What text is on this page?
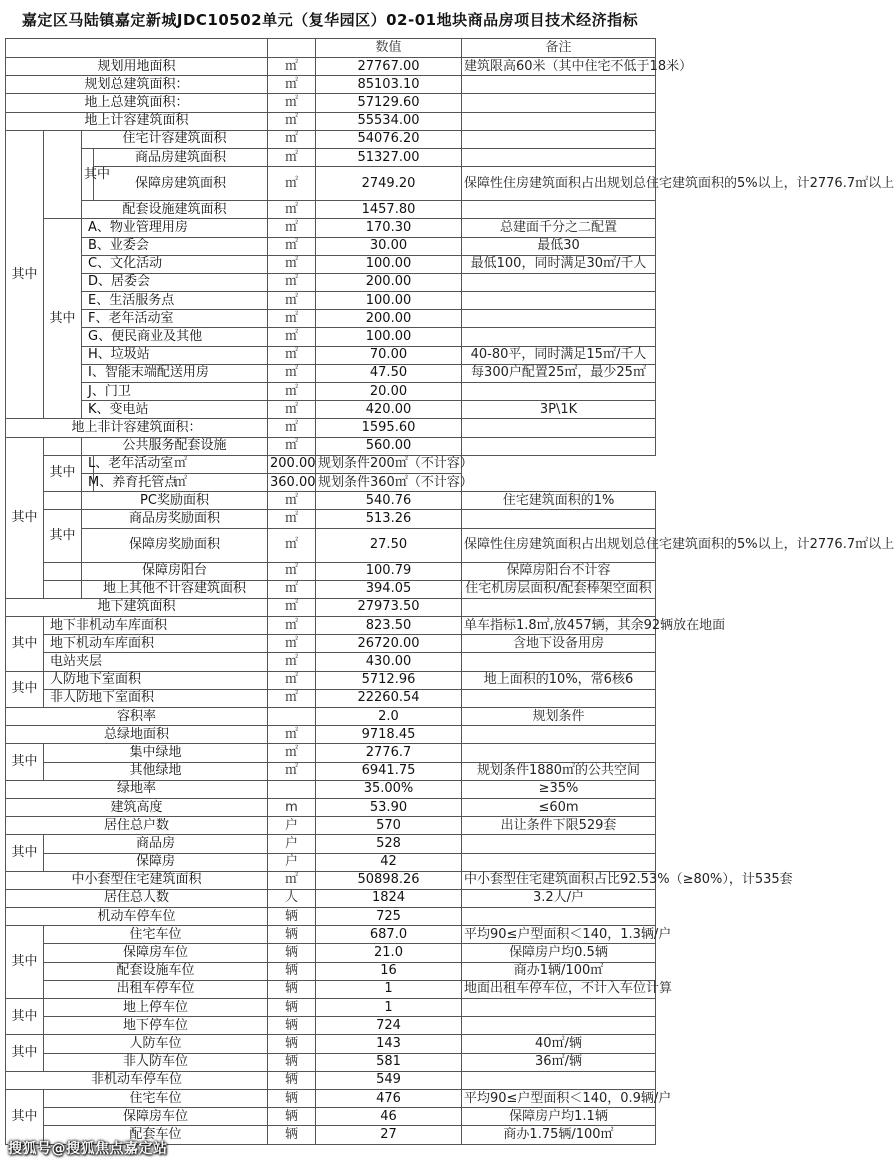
嘉定区马陆镇嘉定新城JDC10502单元（复华园区）02-01地块商品房项目技术经济指标
					数值	备注
规划用地面积				㎡	27767.00	建筑限高60米（其中住宅不低于18米）
规划总建筑面积：				㎡	85103.10	
地上总建筑面积：				㎡	57129.60	
地上计容建筑面积				㎡	55534.00	
其中		住宅计容建筑面积		㎡	54076.20	
		其中	商品房建筑面积	㎡	51327.00	
			保障房建筑面积	㎡	2749.20	保障性住房建筑面积占出规划总住宅建筑面积的5%以上，计2776.7㎡以上
		配套设施建筑面积		㎡	1457.80	
	其中	A、物业管理用房		㎡	170.30	总建面千分之二配置
		B、业委会		㎡	30.00	最低30
		C、文化活动		㎡	100.00	最低100，同时满足30㎡/千人
		D、居委会		㎡	200.00	
		E、生活服务点		㎡	100.00	
		F、老年活动室		㎡	200.00	
		G、便民商业及其他		㎡	100.00	
		H、垃圾站		㎡	70.00	40-80平，同时满足15㎡/千人
		I、智能末端配送用房		㎡	47.50	每300户配置25㎡，最少25㎡
		J、门卫		㎡	20.00	
		K、变电站		㎡	420.00	3P\1K
地上非计容建筑面积：				㎡	1595.60	
其中		公共服务配套设施		㎡	560.00	
	其中	L、老年活动室	㎡	200.00	规划条件200㎡（不计容）	
		M、养育托管点	㎡	360.00	规划条件360㎡（不计容）	
		PC奖励面积		㎡	540.76	住宅建筑面积的1%
	其中	商品房奖励面积		㎡	513.26	
		保障房奖励面积		㎡	27.50	保障性住房建筑面积占出规划总住宅建筑面积的5%以上，计2776.7㎡以上
		保障房阳台		㎡	100.79	保障房阳台不计容
		地上其他不计容建筑面积		㎡	394.05	住宅机房层面积/配套棒架空面积
地下建筑面积				㎡	27973.50	
其中	地下非机动车库面积			㎡	823.50	单车指标1.8㎡,放457辆，其余92辆放在地面
	地下机动车库面积			㎡	26720.00	含地下设备用房
	电站夹层			㎡	430.00	
其中	人防地下室面积			㎡	5712.96	地上面积的10%，常6核6
	非人防地下室面积			㎡	22260.54	
容积率					2.0	规划条件
总绿地面积				㎡	9718.45	
其中	集中绿地			㎡	2776.7	
	其他绿地			㎡	6941.75	规划条件1880㎡的公共空间
绿地率					35.00%	≥35%
建筑高度				m	53.90	≤60m
居住总户数				户	570	出让条件下限529套
其中	商品房			户	528	
	保障房			户	42	
中小套型住宅建筑面积				㎡	50898.26	中小套型住宅建筑面积占比92.53%（≥80%），计535套
居住总人数				人	1824	3.2人/户
机动车停车位				辆	725	
其中	住宅车位			辆	687.0	平均90≤户型面积＜140，1.3辆/户
	保障房车位			辆	21.0	保障房户均0.5辆
	配套设施车位			辆	16	商办1辆/100㎡
	出租车停车位			辆	1	地面出租车停车位，不计入车位计算
其中	地上停车位			辆	1	
	地下停车位			辆	724	
其中	人防车位			辆	143	40㎡/辆
	非人防车位			辆	581	36㎡/辆
非机动车停车位				辆	549	
其中	住宅车位			辆	476	平均90≤户型面积＜140，0.9辆/户
	保障房车位			辆	46	保障房户均1.1辆
	配套车位			辆	27	商办1.75辆/100㎡
搜狐号@搜狐焦点嘉定站
